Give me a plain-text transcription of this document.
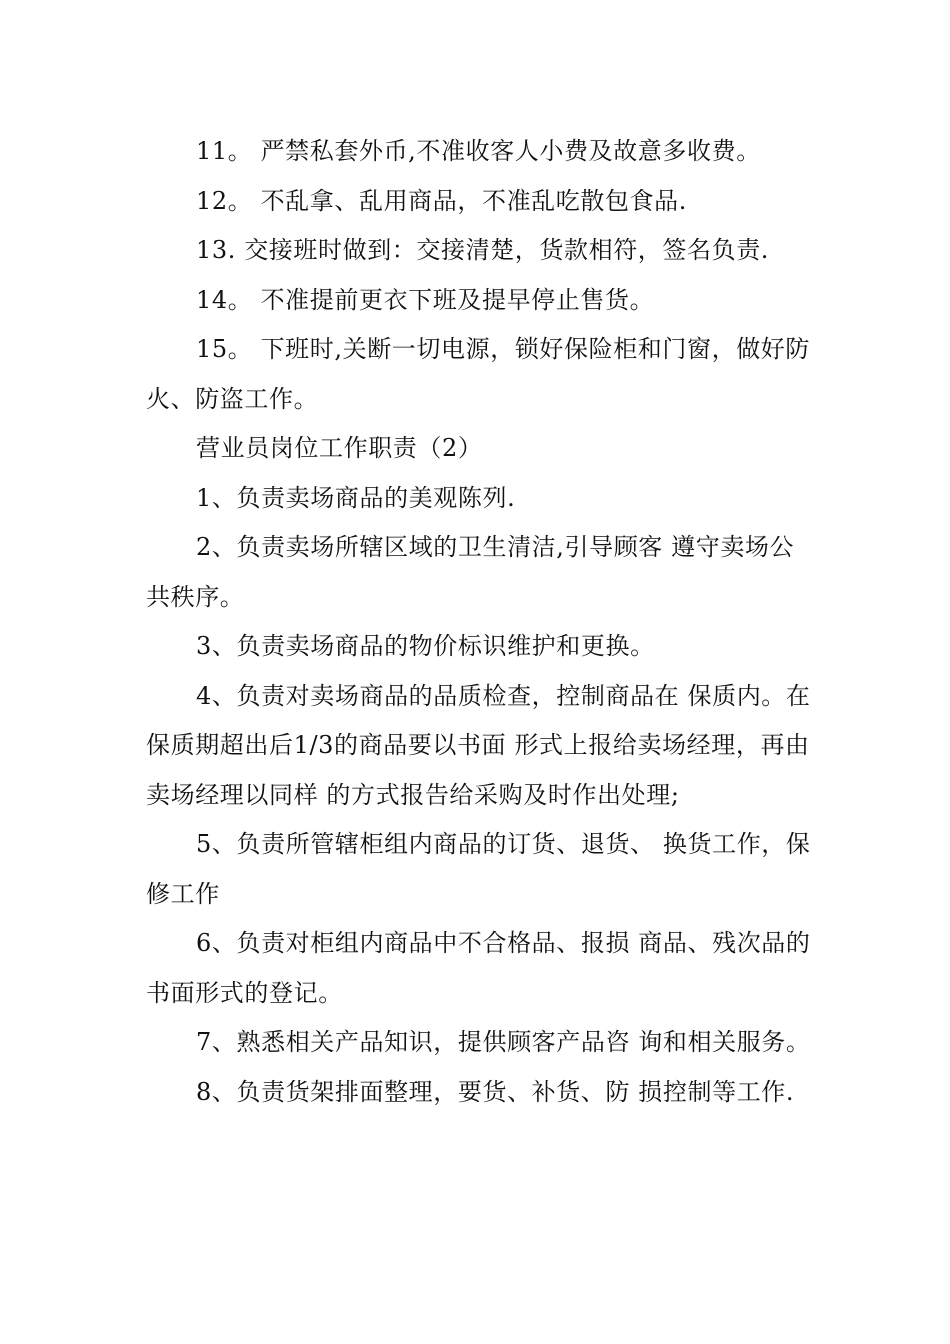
11。 严禁私套外币,不准收客人小费及故意多收费。

12。 不乱拿、乱用商品，不准乱吃散包食品.

13. 交接班时做到：交接清楚，货款相符，签名负责.

14。 不准提前更衣下班及提早停止售货。

15。 下班时,关断一切电源，锁好保险柜和门窗，做好防火、防盗工作。

营业员岗位工作职责（2）

1、负责卖场商品的美观陈列.

2、负责卖场所辖区域的卫生清洁,引导顾客 遵守卖场公共秩序。

3、负责卖场商品的物价标识维护和更换。

4、负责对卖场商品的品质检查，控制商品在 保质内。在保质期超出后1/3的商品要以书面 形式上报给卖场经理，再由卖场经理以同样 的方式报告给采购及时作出处理;

5、负责所管辖柜组内商品的订货、退货、 换货工作，保修工作

6、负责对柜组内商品中不合格品、报损 商品、残次品的书面形式的登记。

7、熟悉相关产品知识，提供顾客产品咨 询和相关服务。

8、负责货架排面整理，要货、补货、防 损控制等工作.
